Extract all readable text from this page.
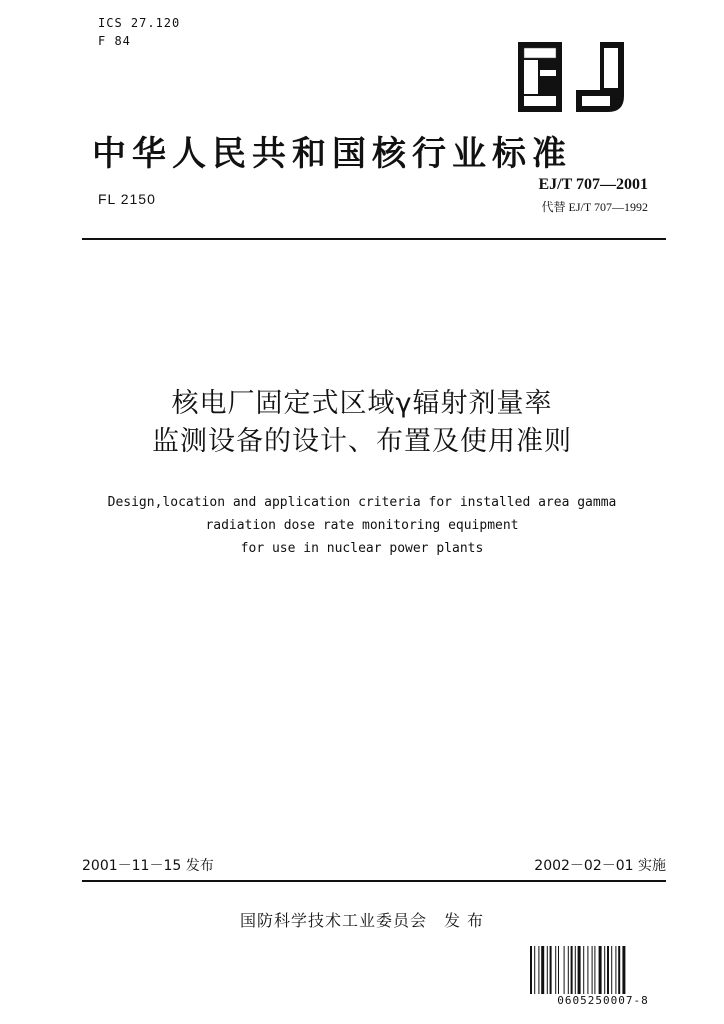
ICS 27.120
F 84
中华人民共和国核行业标准
FL 2150
EJ/T 707—2001
代替 EJ/T 707—1992
核电厂固定式区域γ辐射剂量率
监测设备的设计、布置及使用准则
Design,location and application criteria for installed area gamma
radiation dose rate monitoring equipment
for use in nuclear power plants
2001－11－15 发布	2002－02－01 实施
国防科学技术工业委员会　发 布
0605250007-8
